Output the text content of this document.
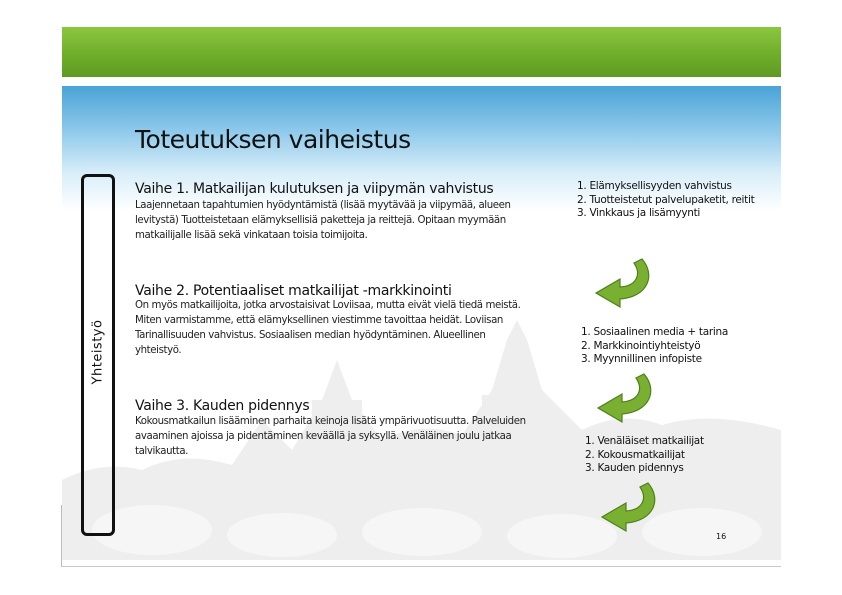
Toteutuksen vaiheistus
Yhteistyö
Vaihe 1. Matkailijan kulutuksen ja viipymän vahvistus
Laajennetaan tapahtumien hyödyntämistä (lisää myytävää ja viipymää, alueen
levitystä) Tuotteistetaan elämyksellisiä paketteja ja reittejä. Opitaan myymään
matkailijalle lisää sekä vinkataan toisia toimijoita.
1. Elämyksellisyyden vahvistus
2. Tuotteistetut palvelupaketit, reitit
3. Vinkkaus ja lisämyynti
Vaihe 2. Potentiaaliset matkailijat -markkinointi
On myös matkailijoita, jotka arvostaisivat Loviisaa, mutta eivät vielä tiedä meistä.
Miten varmistamme, että elämyksellinen viestimme tavoittaa heidät. Loviisan
Tarinallisuuden vahvistus. Sosiaalisen median hyödyntäminen. Alueellinen
yhteistyö.
1. Sosiaalinen media + tarina
2. Markkinointiyhteistyö
3. Myynnillinen infopiste
Vaihe 3. Kauden pidennys
Kokousmatkailun lisääminen parhaita keinoja lisätä ympärivuotisuutta. Palveluiden
avaaminen ajoissa ja pidentäminen keväällä ja syksyllä. Venäläinen joulu jatkaa
talvikautta.
1. Venäläiset matkailijat
2. Kokousmatkailijat
3. Kauden pidennys
16
